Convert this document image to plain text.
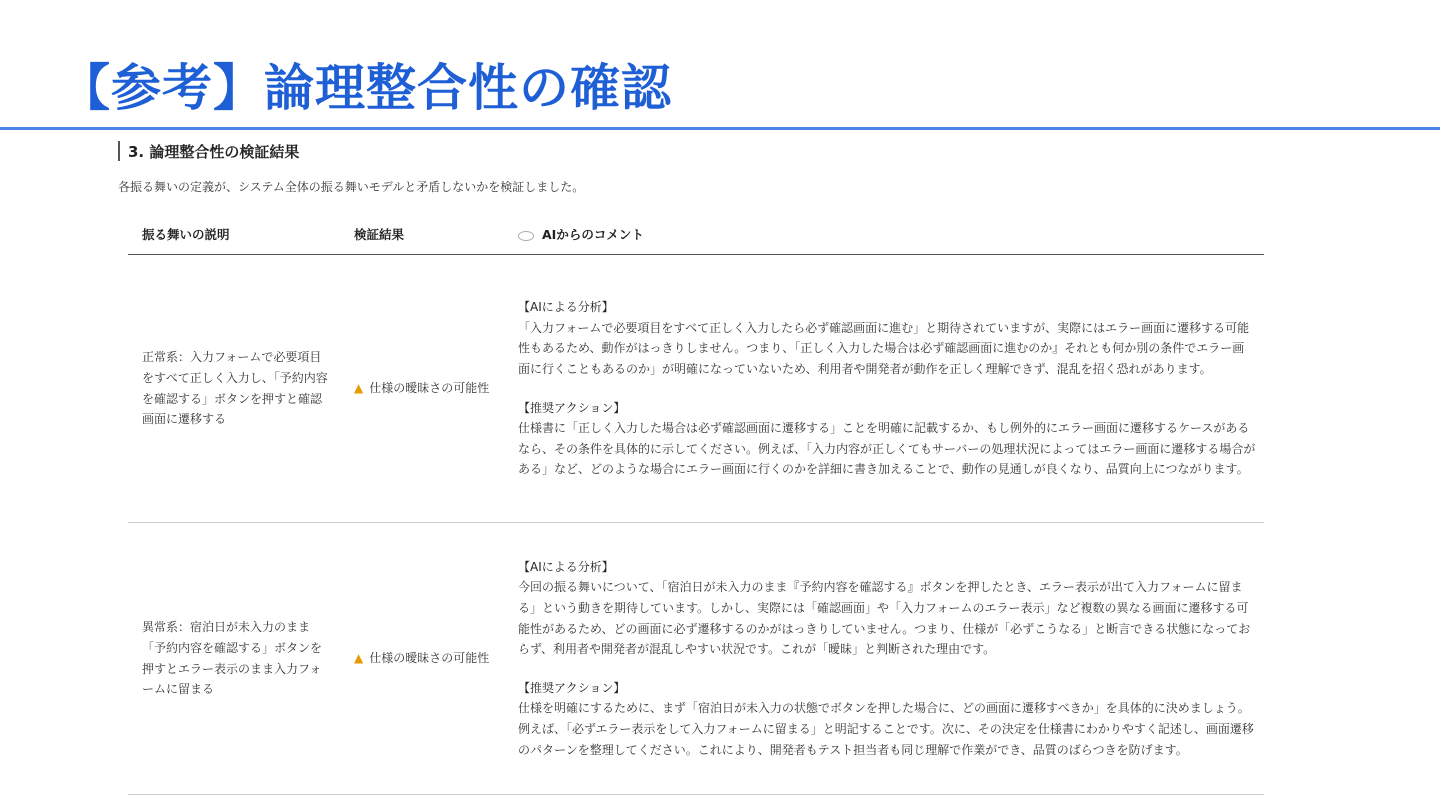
【参考】論理整合性の確認
3. 論理整合性の検証結果
各振る舞いの定義が、システム全体の振る舞いモデルと矛盾しないかを検証しました。
振る舞いの説明	検証結果	AIからのコメント
正常系：入力フォームで必要項目をすべて正しく入力し、「予約内容を確認する」ボタンを押すと確認画面に遷移する	▲ 仕様の曖昧さの可能性	【AIによる分析】
「入力フォームで必要項目をすべて正しく入力したら必ず確認画面に進む」と期待されていますが、実際にはエラー画面に遷移する可能性もあるため、動作がはっきりしません。つまり、「正しく入力した場合は必ず確認画面に進むのか』それとも何か別の条件でエラー画面に行くこともあるのか」が明確になっていないため、利用者や開発者が動作を正しく理解できず、混乱を招く恐れがあります。
【推奨アクション】
仕様書に「正しく入力した場合は必ず確認画面に遷移する」ことを明確に記載するか、もし例外的にエラー画面に遷移するケースがあるなら、その条件を具体的に示してください。例えば、「入力内容が正しくてもサーバーの処理状況によってはエラー画面に遷移する場合がある」など、どのような場合にエラー画面に行くのかを詳細に書き加えることで、動作の見通しが良くなり、品質向上につながります。

異常系：宿泊日が未入力のまま「予約内容を確認する」ボタンを押すとエラー表示のまま入力フォームに留まる	▲ 仕様の曖昧さの可能性	【AIによる分析】
今回の振る舞いについて、「宿泊日が未入力のまま『予約内容を確認する』ボタンを押したとき、エラー表示が出て入力フォームに留まる」という動きを期待しています。しかし、実際には「確認画面」や「入力フォームのエラー表示」など複数の異なる画面に遷移する可能性があるため、どの画面に必ず遷移するのかがはっきりしていません。つまり、仕様が「必ずこうなる」と断言できる状態になっておらず、利用者や開発者が混乱しやすい状況です。これが「曖昧」と判断された理由です。
【推奨アクション】
仕様を明確にするために、まず「宿泊日が未入力の状態でボタンを押した場合に、どの画面に遷移すべきか」を具体的に決めましょう。例えば、「必ずエラー表示をして入力フォームに留まる」と明記することです。次に、その決定を仕様書にわかりやすく記述し、画面遷移のパターンを整理してください。これにより、開発者もテスト担当者も同じ理解で作業ができ、品質のばらつきを防げます。
